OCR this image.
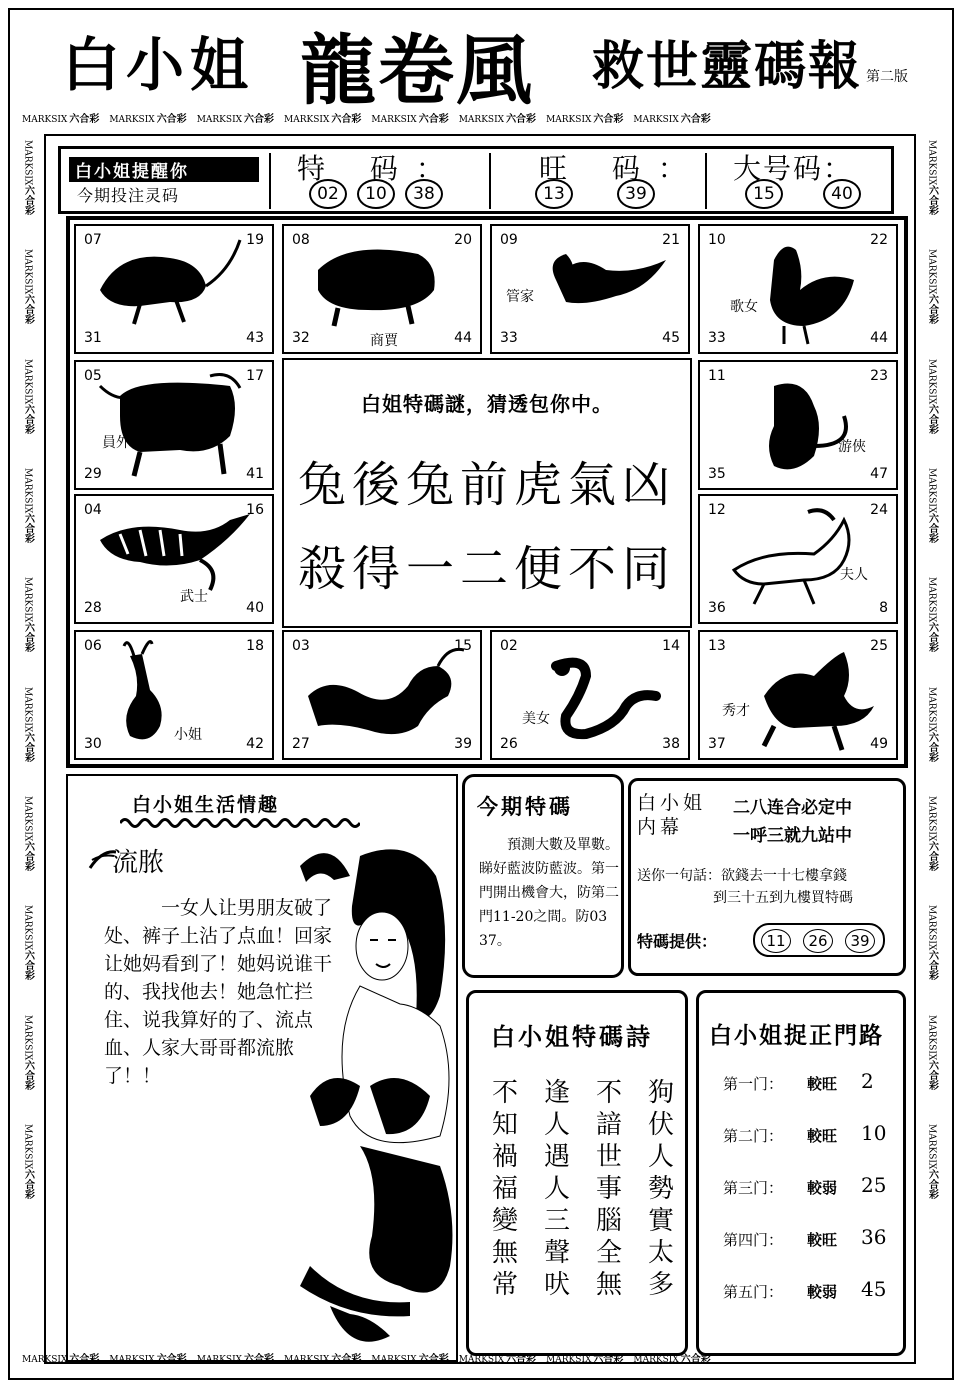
白小姐 龍卷風 救世靈碼報 第二版
MARKSIX 六合彩 MARKSIX 六合彩 MARKSIX 六合彩 MARKSIX 六合彩 MARKSIX 六合彩 MARKSIX 六合彩 MARKSIX 六合彩 MARKSIX 六合彩
MARKSIX 六合彩 MARKSIX 六合彩 MARKSIX 六合彩 MARKSIX 六合彩 MARKSIX 六合彩 MARKSIX 六合彩 MARKSIX 六合彩 MARKSIX 六合彩
MARKSIX六合彩
MARKSIX六合彩
MARKSIX六合彩
MARKSIX六合彩
MARKSIX六合彩
MARKSIX六合彩
MARKSIX六合彩
MARKSIX六合彩
MARKSIX六合彩
MARKSIX六合彩
MARKSIX六合彩
MARKSIX六合彩
MARKSIX六合彩
MARKSIX六合彩
MARKSIX六合彩
MARKSIX六合彩
MARKSIX六合彩
MARKSIX六合彩
MARKSIX六合彩
MARKSIX六合彩
白小姐提醒你
今期投注灵码
特 码：
02	10	38
旺 码：
13	39
大号码：
15	40
07	19
31	43
08	20
32	44
商賈
09	21
33	45
管家
10	22
33	44
歌女
05	17
29	41
員外
11	23
35	47
游俠
04	16
28	40
武士
12	24
36	8
夫人
06	18
30	42
小姐
03	15
27	39
02	14
26	38
美女
13	25
37	49
秀才
白姐特碼謎，猜透包你中。
兔後兔前虎氣凶
殺得一二便不同
白小姐生活情趣
流脓
一女人让男朋友破了处、裤子上沾了点血！回家让她妈看到了！她妈说谁干的、我找他去！她急忙拦住、说我算好的了、流点血、人家大哥哥都流脓了！！
今期特碼
預測大數及單數。睇好藍波防藍波。第一門開出機會大，防第二門11-20之間。防03 37。
白小姐内幕
二八连合必定中
一呼三就九站中
送你一句話：欲錢去一十七樓拿錢
到三十五到九樓買特碼
特碼提供：	11	26	39
白小姐特碼詩
不知禍福變無常
逢人遇人三聲吠
不諳世事腦全無
狗伏人勢實太多
白小姐捉正門路
第一门： 較旺 2
第二门： 較旺 10
第三门： 較弱 25
第四门： 較旺 36
第五门： 較弱 45
